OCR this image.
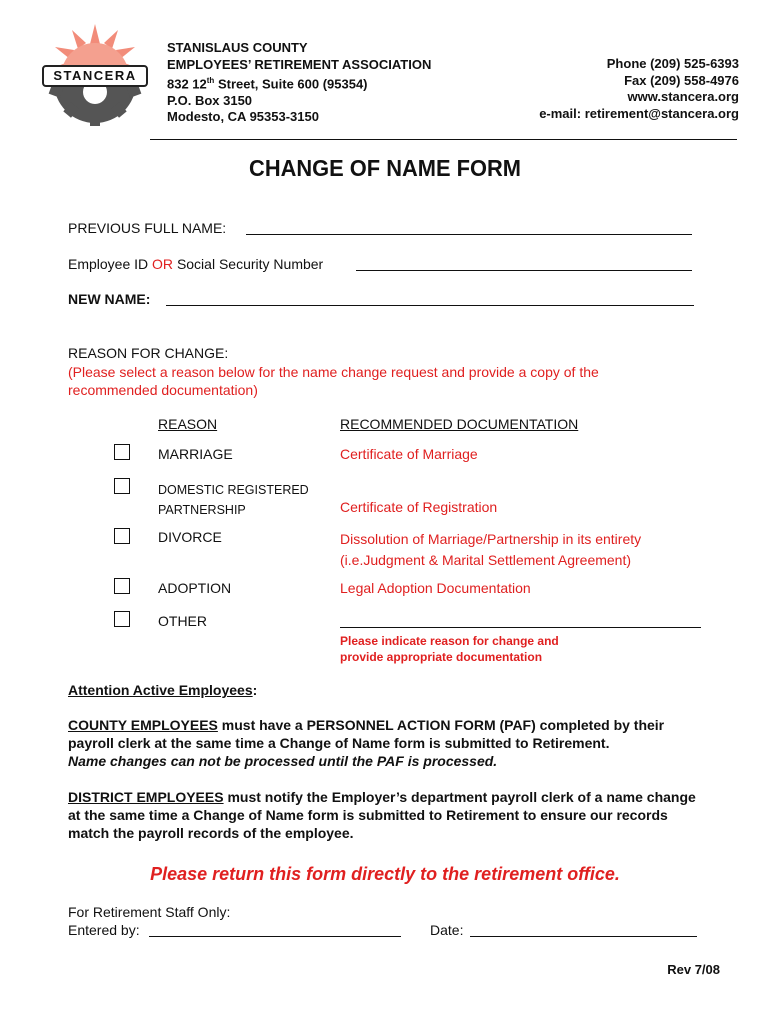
STANCERA
STANISLAUS COUNTY
EMPLOYEES’ RETIREMENT ASSOCIATION
832 12th Street, Suite 600 (95354)
P.O. Box 3150
Modesto, CA 95353-3150
Phone (209) 525-6393
Fax (209) 558-4976
www.stancera.org
e-mail: retirement@stancera.org
CHANGE OF NAME FORM
PREVIOUS FULL NAME:
Employee ID OR Social Security Number
NEW NAME:
REASON FOR CHANGE:
(Please select a reason below for the name change request and provide a copy of the recommended documentation)
REASON	RECOMMENDED DOCUMENTATION
MARRIAGE	Certificate of Marriage
DOMESTIC REGISTERED
PARTNERSHIP	Certificate of Registration
DIVORCE	Dissolution of Marriage/Partnership in its entirety
(i.e.Judgment & Marital Settlement Agreement)
ADOPTION	Legal Adoption Documentation
OTHER
Please indicate reason for change and
provide appropriate documentation
Attention Active Employees:
COUNTY EMPLOYEES must have a PERSONNEL ACTION FORM (PAF) completed by their payroll clerk at the same time a Change of Name form is submitted to Retirement.
Name changes can not be processed until the PAF is processed.
DISTRICT EMPLOYEES must notify the Employer’s department payroll clerk of a name change at the same time a Change of Name form is submitted to Retirement to ensure our records match the payroll records of the employee.
Please return this form directly to the retirement office.
For Retirement Staff Only:
Entered by:	Date:
Rev 7/08
